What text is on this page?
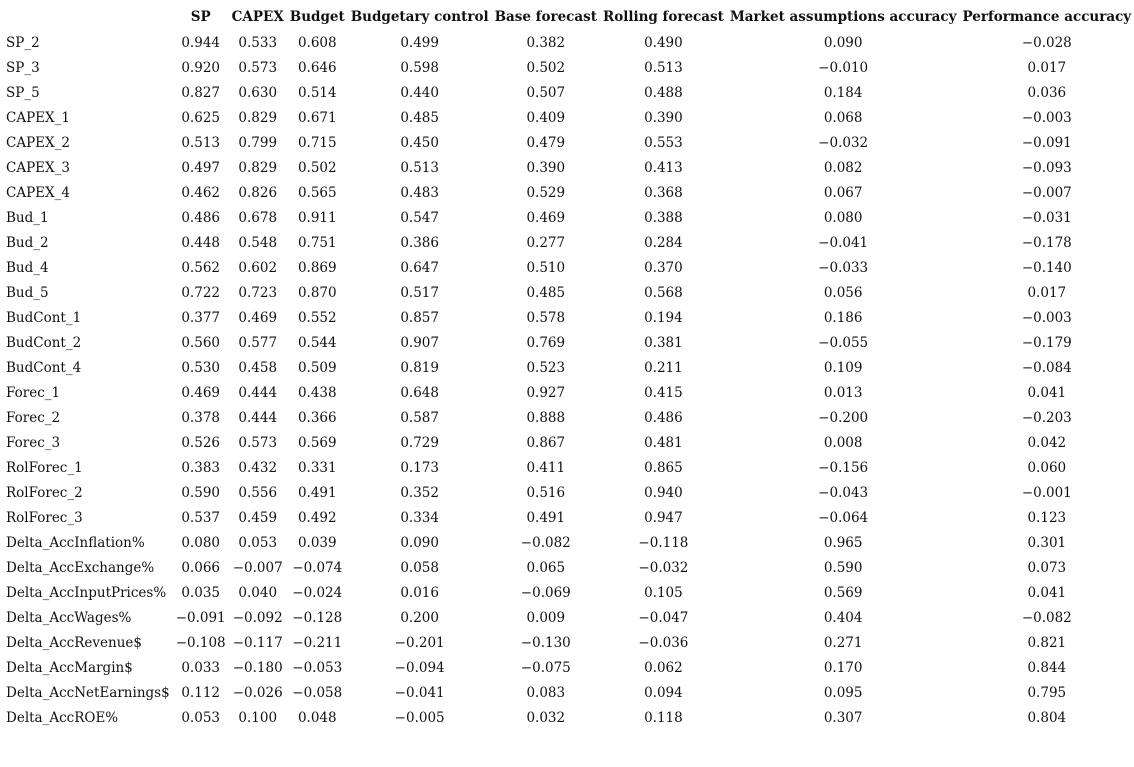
	SP	CAPEX	Budget	Budgetary control	Base forecast	Rolling forecast	Market assumptions accuracy	Performance accuracy
SP_2	0.944	0.533	0.608	0.499	0.382	0.490	0.090	−0.028
SP_3	0.920	0.573	0.646	0.598	0.502	0.513	−0.010	0.017
SP_5	0.827	0.630	0.514	0.440	0.507	0.488	0.184	0.036
CAPEX_1	0.625	0.829	0.671	0.485	0.409	0.390	0.068	−0.003
CAPEX_2	0.513	0.799	0.715	0.450	0.479	0.553	−0.032	−0.091
CAPEX_3	0.497	0.829	0.502	0.513	0.390	0.413	0.082	−0.093
CAPEX_4	0.462	0.826	0.565	0.483	0.529	0.368	0.067	−0.007
Bud_1	0.486	0.678	0.911	0.547	0.469	0.388	0.080	−0.031
Bud_2	0.448	0.548	0.751	0.386	0.277	0.284	−0.041	−0.178
Bud_4	0.562	0.602	0.869	0.647	0.510	0.370	−0.033	−0.140
Bud_5	0.722	0.723	0.870	0.517	0.485	0.568	0.056	0.017
BudCont_1	0.377	0.469	0.552	0.857	0.578	0.194	0.186	−0.003
BudCont_2	0.560	0.577	0.544	0.907	0.769	0.381	−0.055	−0.179
BudCont_4	0.530	0.458	0.509	0.819	0.523	0.211	0.109	−0.084
Forec_1	0.469	0.444	0.438	0.648	0.927	0.415	0.013	0.041
Forec_2	0.378	0.444	0.366	0.587	0.888	0.486	−0.200	−0.203
Forec_3	0.526	0.573	0.569	0.729	0.867	0.481	0.008	0.042
RolForec_1	0.383	0.432	0.331	0.173	0.411	0.865	−0.156	0.060
RolForec_2	0.590	0.556	0.491	0.352	0.516	0.940	−0.043	−0.001
RolForec_3	0.537	0.459	0.492	0.334	0.491	0.947	−0.064	0.123
Delta_AccInflation%	0.080	0.053	0.039	0.090	−0.082	−0.118	0.965	0.301
Delta_AccExchange%	0.066	−0.007	−0.074	0.058	0.065	−0.032	0.590	0.073
Delta_AccInputPrices%	0.035	0.040	−0.024	0.016	−0.069	0.105	0.569	0.041
Delta_AccWages%	−0.091	−0.092	−0.128	0.200	0.009	−0.047	0.404	−0.082
Delta_AccRevenue$	−0.108	−0.117	−0.211	−0.201	−0.130	−0.036	0.271	0.821
Delta_AccMargin$	0.033	−0.180	−0.053	−0.094	−0.075	0.062	0.170	0.844
Delta_AccNetEarnings$	0.112	−0.026	−0.058	−0.041	0.083	0.094	0.095	0.795
Delta_AccROE%	0.053	0.100	0.048	−0.005	0.032	0.118	0.307	0.804
